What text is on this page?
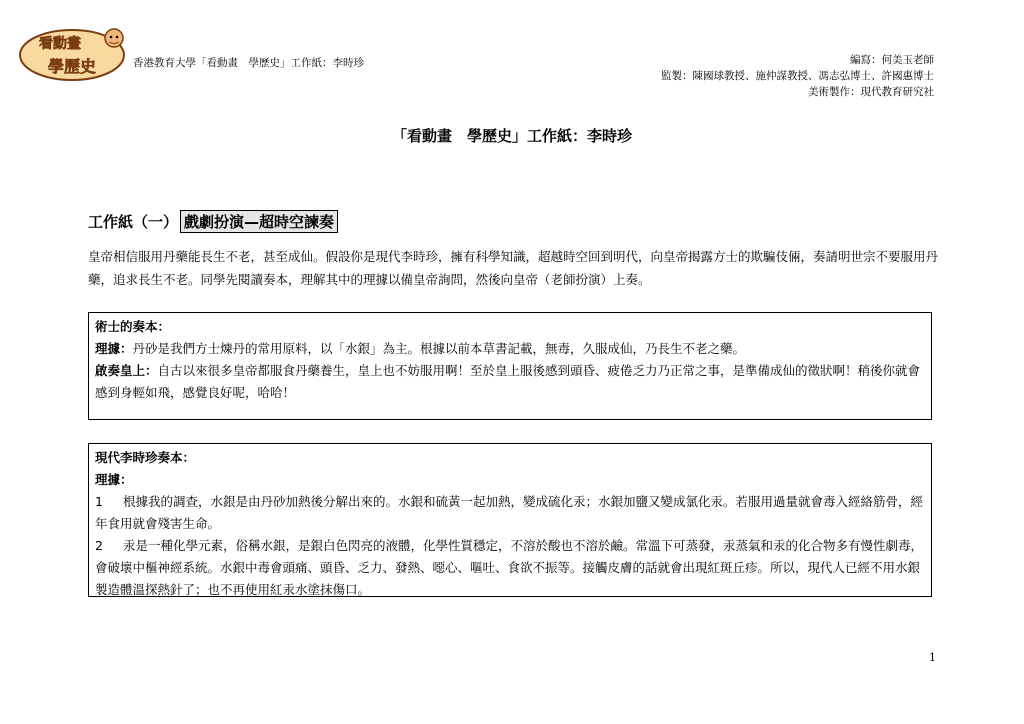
看動畫
學歷史	香港教育大學「看動畫　學歷史」工作紙：李時珍	編寫：何美玉老師
監製：陳國球教授、施仲謀教授、馮志弘博士、許國惠博士
美術製作：現代教育研究社
「看動畫　學歷史」工作紙：李時珍
工作紙（一） 戲劇扮演—超時空諫奏
皇帝相信服用丹藥能長生不老，甚至成仙。假設你是現代李時珍，擁有科學知識，超越時空回到明代，向皇帝揭露方士的欺騙伎倆，奏請明世宗不要服用丹藥，追求長生不老。同學先閱讀奏本，理解其中的理據以備皇帝詢問，然後向皇帝（老師扮演）上奏。

術士的奏本：

理據：丹砂是我們方士煉丹的常用原料，以「水銀」為主。根據以前本草書記載，無毒，久服成仙，乃長生不老之藥。

啟奏皇上：自古以來很多皇帝都服食丹藥養生，皇上也不妨服用啊！至於皇上服後感到頭昏、疲倦乏力乃正常之事，是準備成仙的徵狀啊！稍後你就會感到身輕如飛，感覺良好呢，哈哈！

現代李時珍奏本：

理據：

1 根據我的調查，水銀是由丹砂加熱後分解出來的。水銀和硫黃一起加熱，變成硫化汞；水銀加鹽又變成氯化汞。若服用過量就會毒入經絡筋骨，經年食用就會殘害生命。

2 汞是一種化學元素，俗稱水銀，是銀白色閃亮的液體，化學性質穩定，不溶於酸也不溶於鹼。常溫下可蒸發，汞蒸氣和汞的化合物多有慢性劇毒，會破壞中樞神經系統。水銀中毒會頭痛、頭昏、乏力、發熱、噁心、嘔吐、食欲不振等。接觸皮膚的話就會出現紅斑丘疹。所以，現代人已經不用水銀製造體溫探熱針了；也不再使用紅汞水塗抹傷口。

1
